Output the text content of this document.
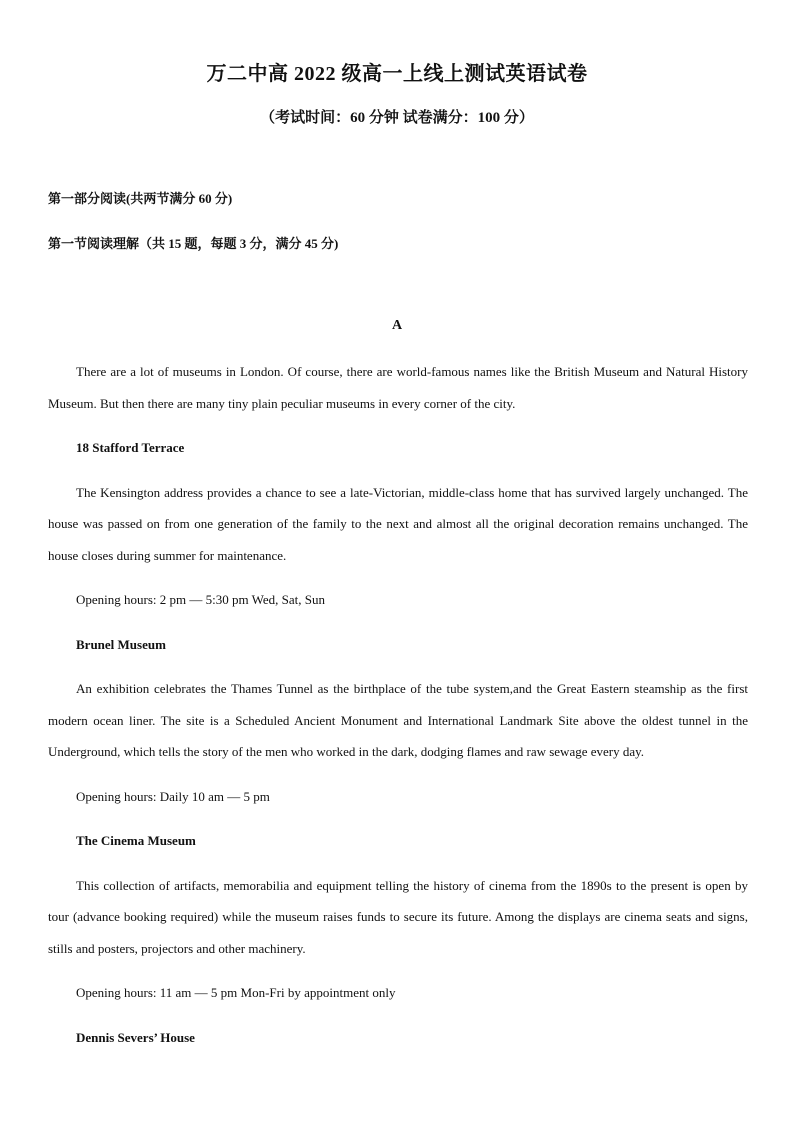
万二中高 2022 级高一上线上测试英语试卷
（考试时间：60 分钟 试卷满分：100 分）
第一部分阅读(共两节满分 60 分)
第一节阅读理解（共 15 题，每题 3 分，满分 45 分)
A

There are a lot of museums in London. Of course, there are world-famous names like the British Museum and Natural History Museum. But then there are many tiny plain peculiar museums in every corner of the city.

18 Stafford Terrace

The Kensington address provides a chance to see a late-Victorian, middle-class home that has survived largely unchanged. The house was passed on from one generation of the family to the next and almost all the original decoration remains unchanged. The house closes during summer for maintenance.

Opening hours: 2 pm — 5:30 pm Wed, Sat, Sun

Brunel Museum

An exhibition celebrates the Thames Tunnel as the birthplace of the tube system,and the Great Eastern steamship as the first modern ocean liner. The site is a Scheduled Ancient Monument and International Landmark Site above the oldest tunnel in the Underground, which tells the story of the men who worked in the dark, dodging flames and raw sewage every day.

Opening hours: Daily 10 am — 5 pm

The Cinema Museum

This collection of artifacts, memorabilia and equipment telling the history of cinema from the 1890s to the present is open by tour (advance booking required) while the museum raises funds to secure its future. Among the displays are cinema seats and signs, stills and posters, projectors and other machinery.

Opening hours: 11 am — 5 pm Mon-Fri by appointment only

Dennis Severs’ House
